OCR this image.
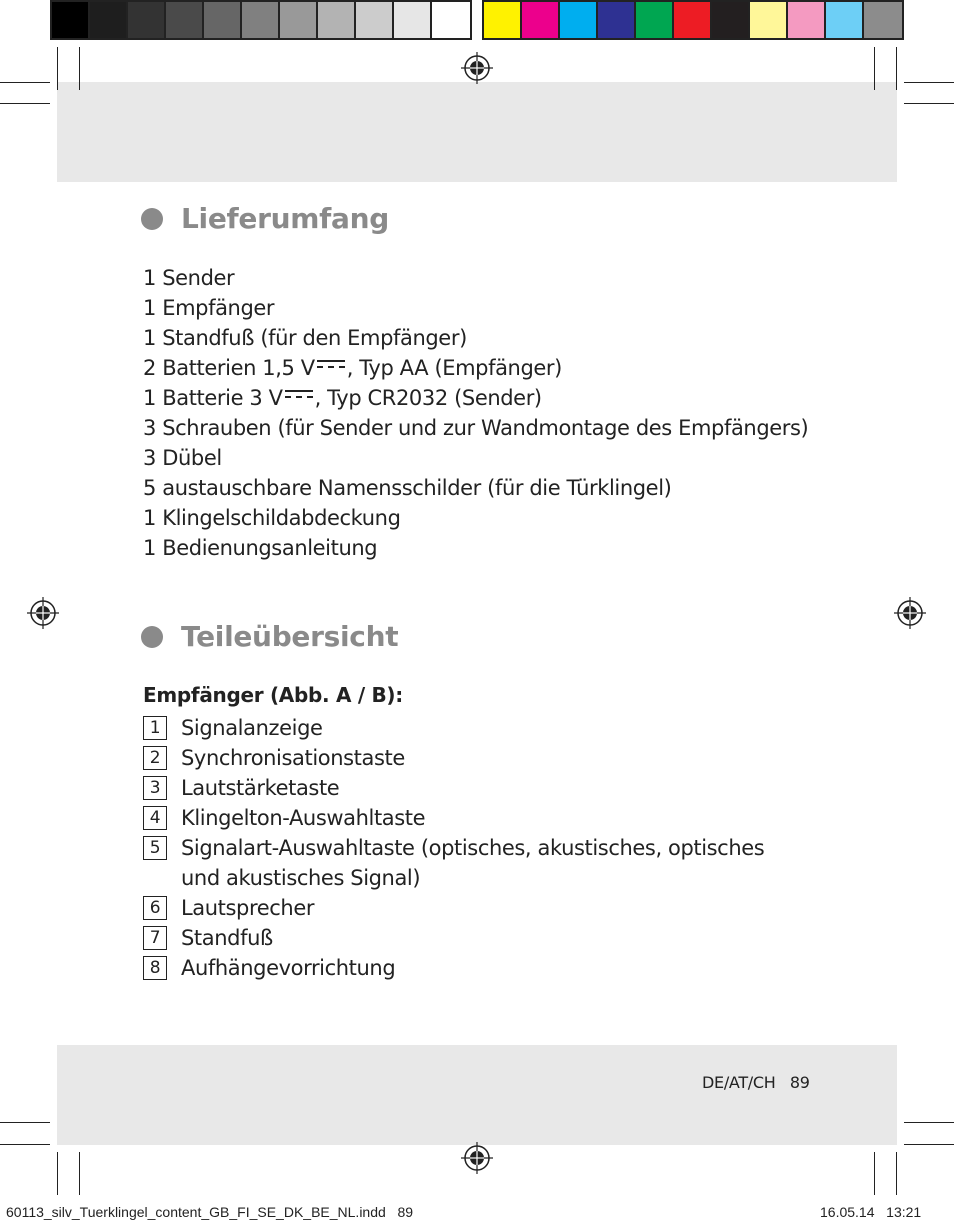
Lieferumfang
1 Sender
1 Empfänger
1 Standfuß (für den Empfänger)
2 Batterien 1,5 V , Typ AA (Empfänger)
1 Batterie 3 V , Typ CR2032 (Sender)
3 Schrauben (für Sender und zur Wandmontage des Empfängers)
3 Dübel
5 austauschbare Namensschilder (für die Türklingel)
1 Klingelschildabdeckung
1 Bedienungsanleitung
Teileübersicht
Empfänger (Abb. A / B):
1 Signalanzeige
2 Synchronisationstaste
3 Lautstärketaste
4 Klingelton-Auswahltaste
5 Signalart-Auswahltaste (optisches, akustisches, optisches und akustisches Signal)
6 Lautsprecher
7 Standfuß
8 Aufhängevorrichtung
DE/AT/CH   89
60113_silv_Tuerklingel_content_GB_FI_SE_DK_BE_NL.indd   89	16.05.14   13:21
